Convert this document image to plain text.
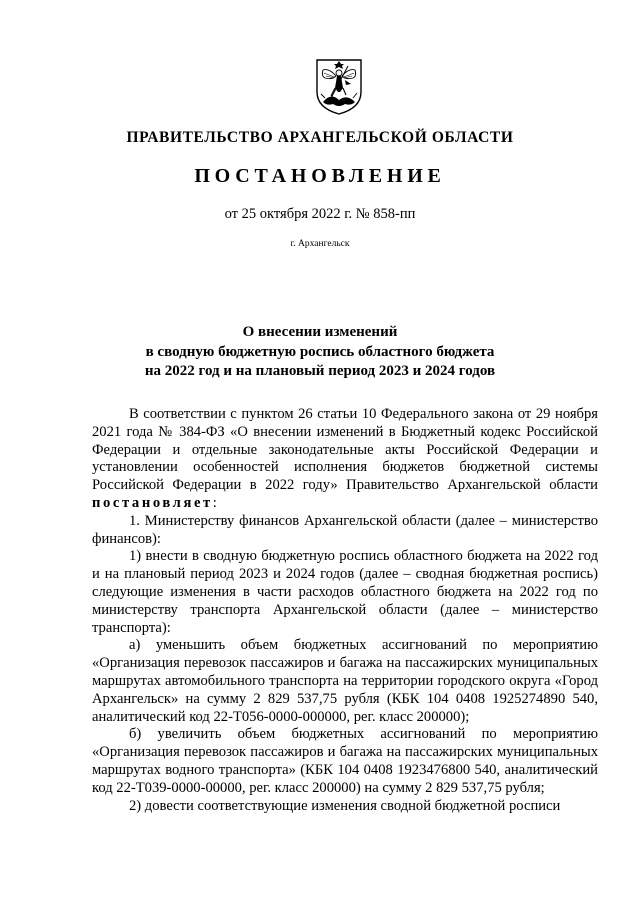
ПРАВИТЕЛЬСТВО АРХАНГЕЛЬСКОЙ ОБЛАСТИ
ПОСТАНОВЛЕНИЕ
от 25 октября 2022 г. № 858-пп
г. Архангельск
О внесении изменений
в сводную бюджетную роспись областного бюджета
на 2022 год и на плановый период 2023 и 2024 годов

В соответствии с пунктом 26 статьи 10 Федерального закона от 29 ноября 2021 года № 384-ФЗ «О внесении изменений в Бюджетный кодекс Российской Федерации и отдельные законодательные акты Российской Федерации и установлении особенностей исполнения бюджетов бюджетной системы Российской Федерации в 2022 году» Правительство Архангельской области постановляет:

1. Министерству финансов Архангельской области (далее – министерство финансов):

1) внести в сводную бюджетную роспись областного бюджета на 2022 год и на плановый период 2023 и 2024 годов (далее – сводная бюджетная роспись) следующие изменения в части расходов областного бюджета на 2022 год по министерству транспорта Архангельской области (далее – министерство транспорта):

а) уменьшить объем бюджетных ассигнований по мероприятию «Организация перевозок пассажиров и багажа на пассажирских муниципальных маршрутах автомобильного транспорта на территории городского округа «Город Архангельск» на сумму 2 829 537,75 рубля (КБК 104 0408 1925274890 540, аналитический код 22-Т056-0000-000000, рег. класс 200000);

б) увеличить объем бюджетных ассигнований по мероприятию «Организация перевозок пассажиров и багажа на пассажирских муниципальных маршрутах водного транспорта» (КБК 104 0408 1923476800 540, аналитический код 22-Т039-0000-00000, рег. класс 200000) на сумму 2 829 537,75 рубля;

2) довести соответствующие изменения сводной бюджетной росписи
